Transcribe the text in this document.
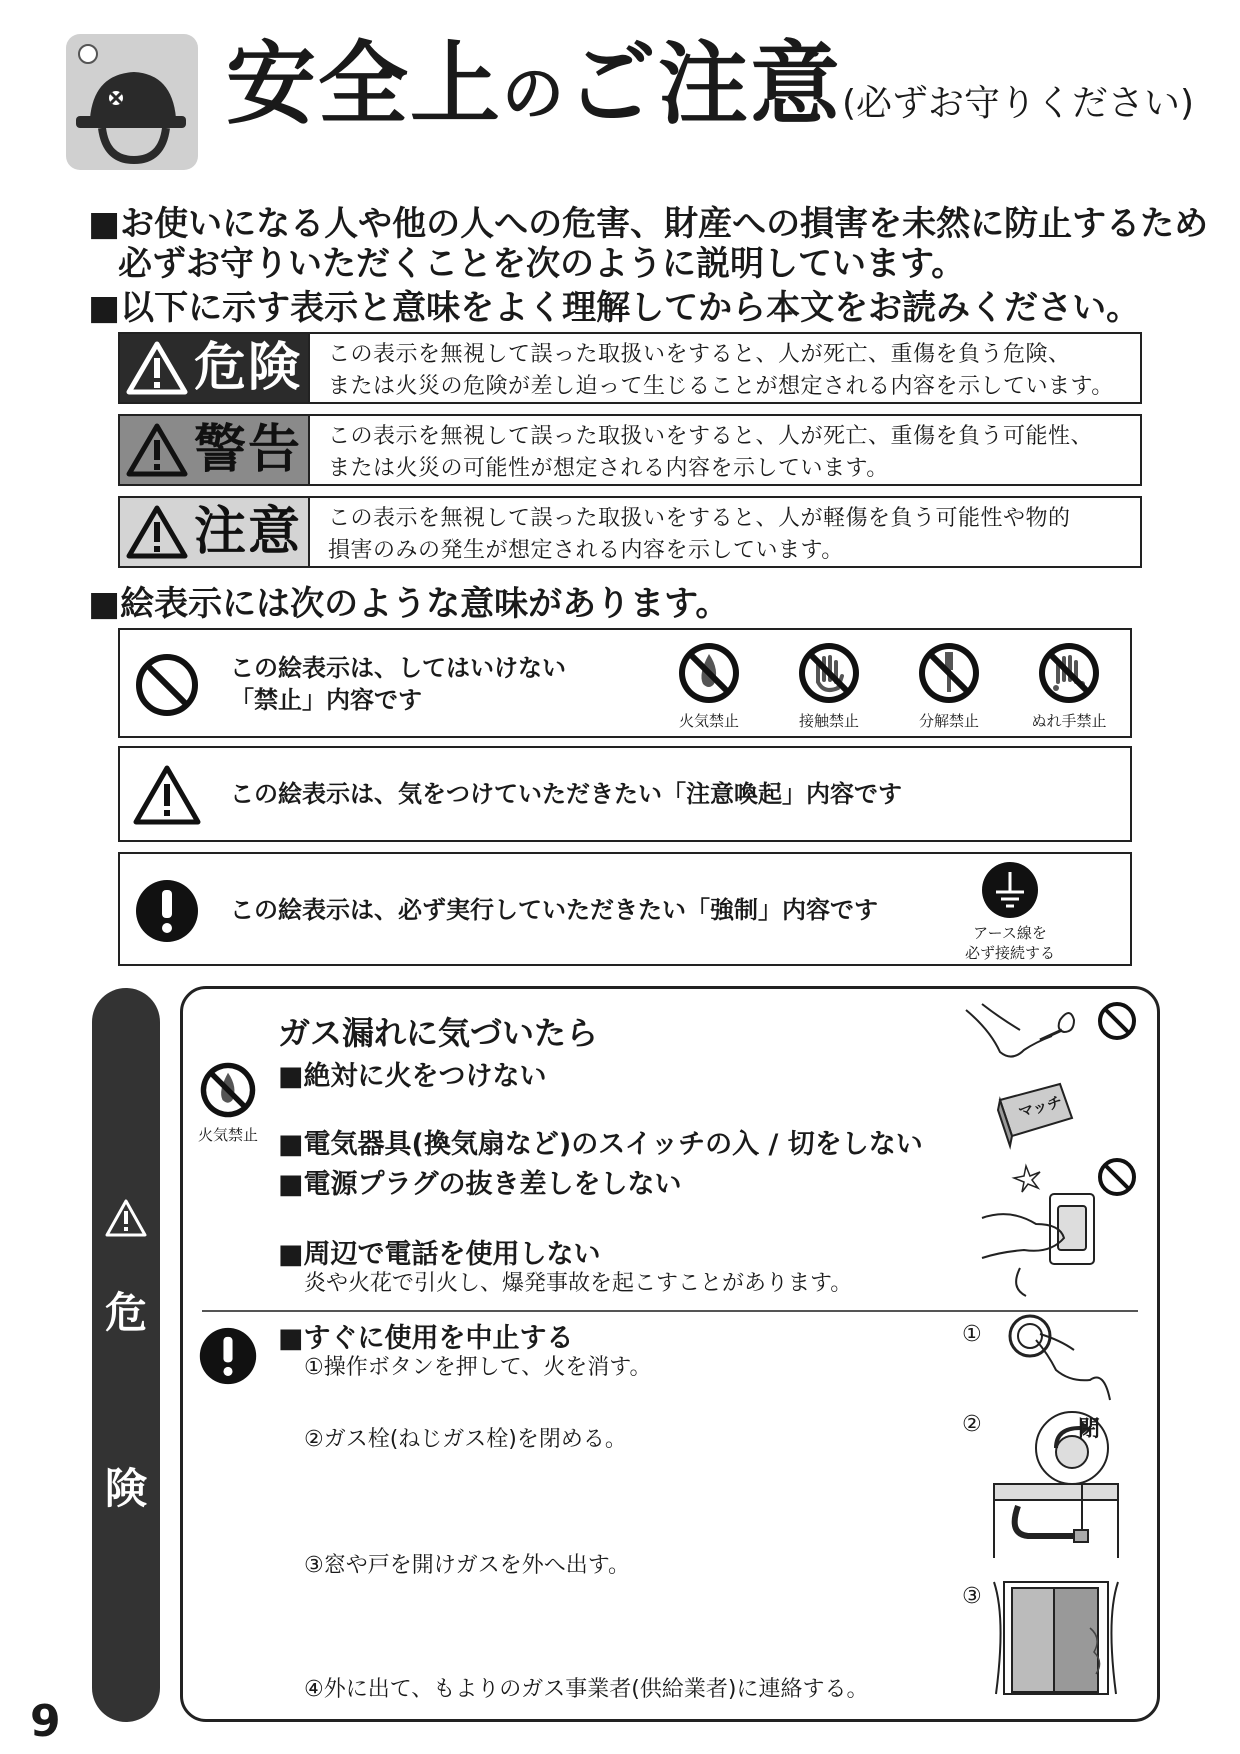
安全上のご注意(必ずお守りください)
■お使いになる人や他の人への危害、財産への損害を未然に防止するため
必ずお守りいただくことを次のように説明しています。
■以下に示す表示と意味をよく理解してから本文をお読みください。
危険 この表示を無視して誤った取扱いをすると、人が死亡、重傷を負う危険、
または火災の危険が差し迫って生じることが想定される内容を示しています。
警告 この表示を無視して誤った取扱いをすると、人が死亡、重傷を負う可能性、
または火災の可能性が想定される内容を示しています。
注意 この表示を無視して誤った取扱いをすると、人が軽傷を負う可能性や物的
損害のみの発生が想定される内容を示しています。
■絵表示には次のような意味があります。
この絵表示は、してはいけない
「禁止」内容です
火気禁止	接触禁止	分解禁止	ぬれ手禁止
この絵表示は、気をつけていただきたい「注意喚起」内容です
この絵表示は、必ず実行していただきたい「強制」内容です
アース線を
必ず接続する
危
険
ガス漏れに気づいたら
火気禁止
■絶対に火をつけない
■電気器具(換気扇など)のスイッチの入 / 切をしない
■電源プラグの抜き差しをしない
■周辺で電話を使用しない
炎や火花で引火し、爆発事故を起こすことがあります。
マッチ
■すぐに使用を中止する
①操作ボタンを押して、火を消す。
②ガス栓(ねじガス栓)を閉める。
③窓や戸を開けガスを外へ出す。
④外に出て、もよりのガス事業者(供給業者)に連絡する。
①
②	閉
③
9
